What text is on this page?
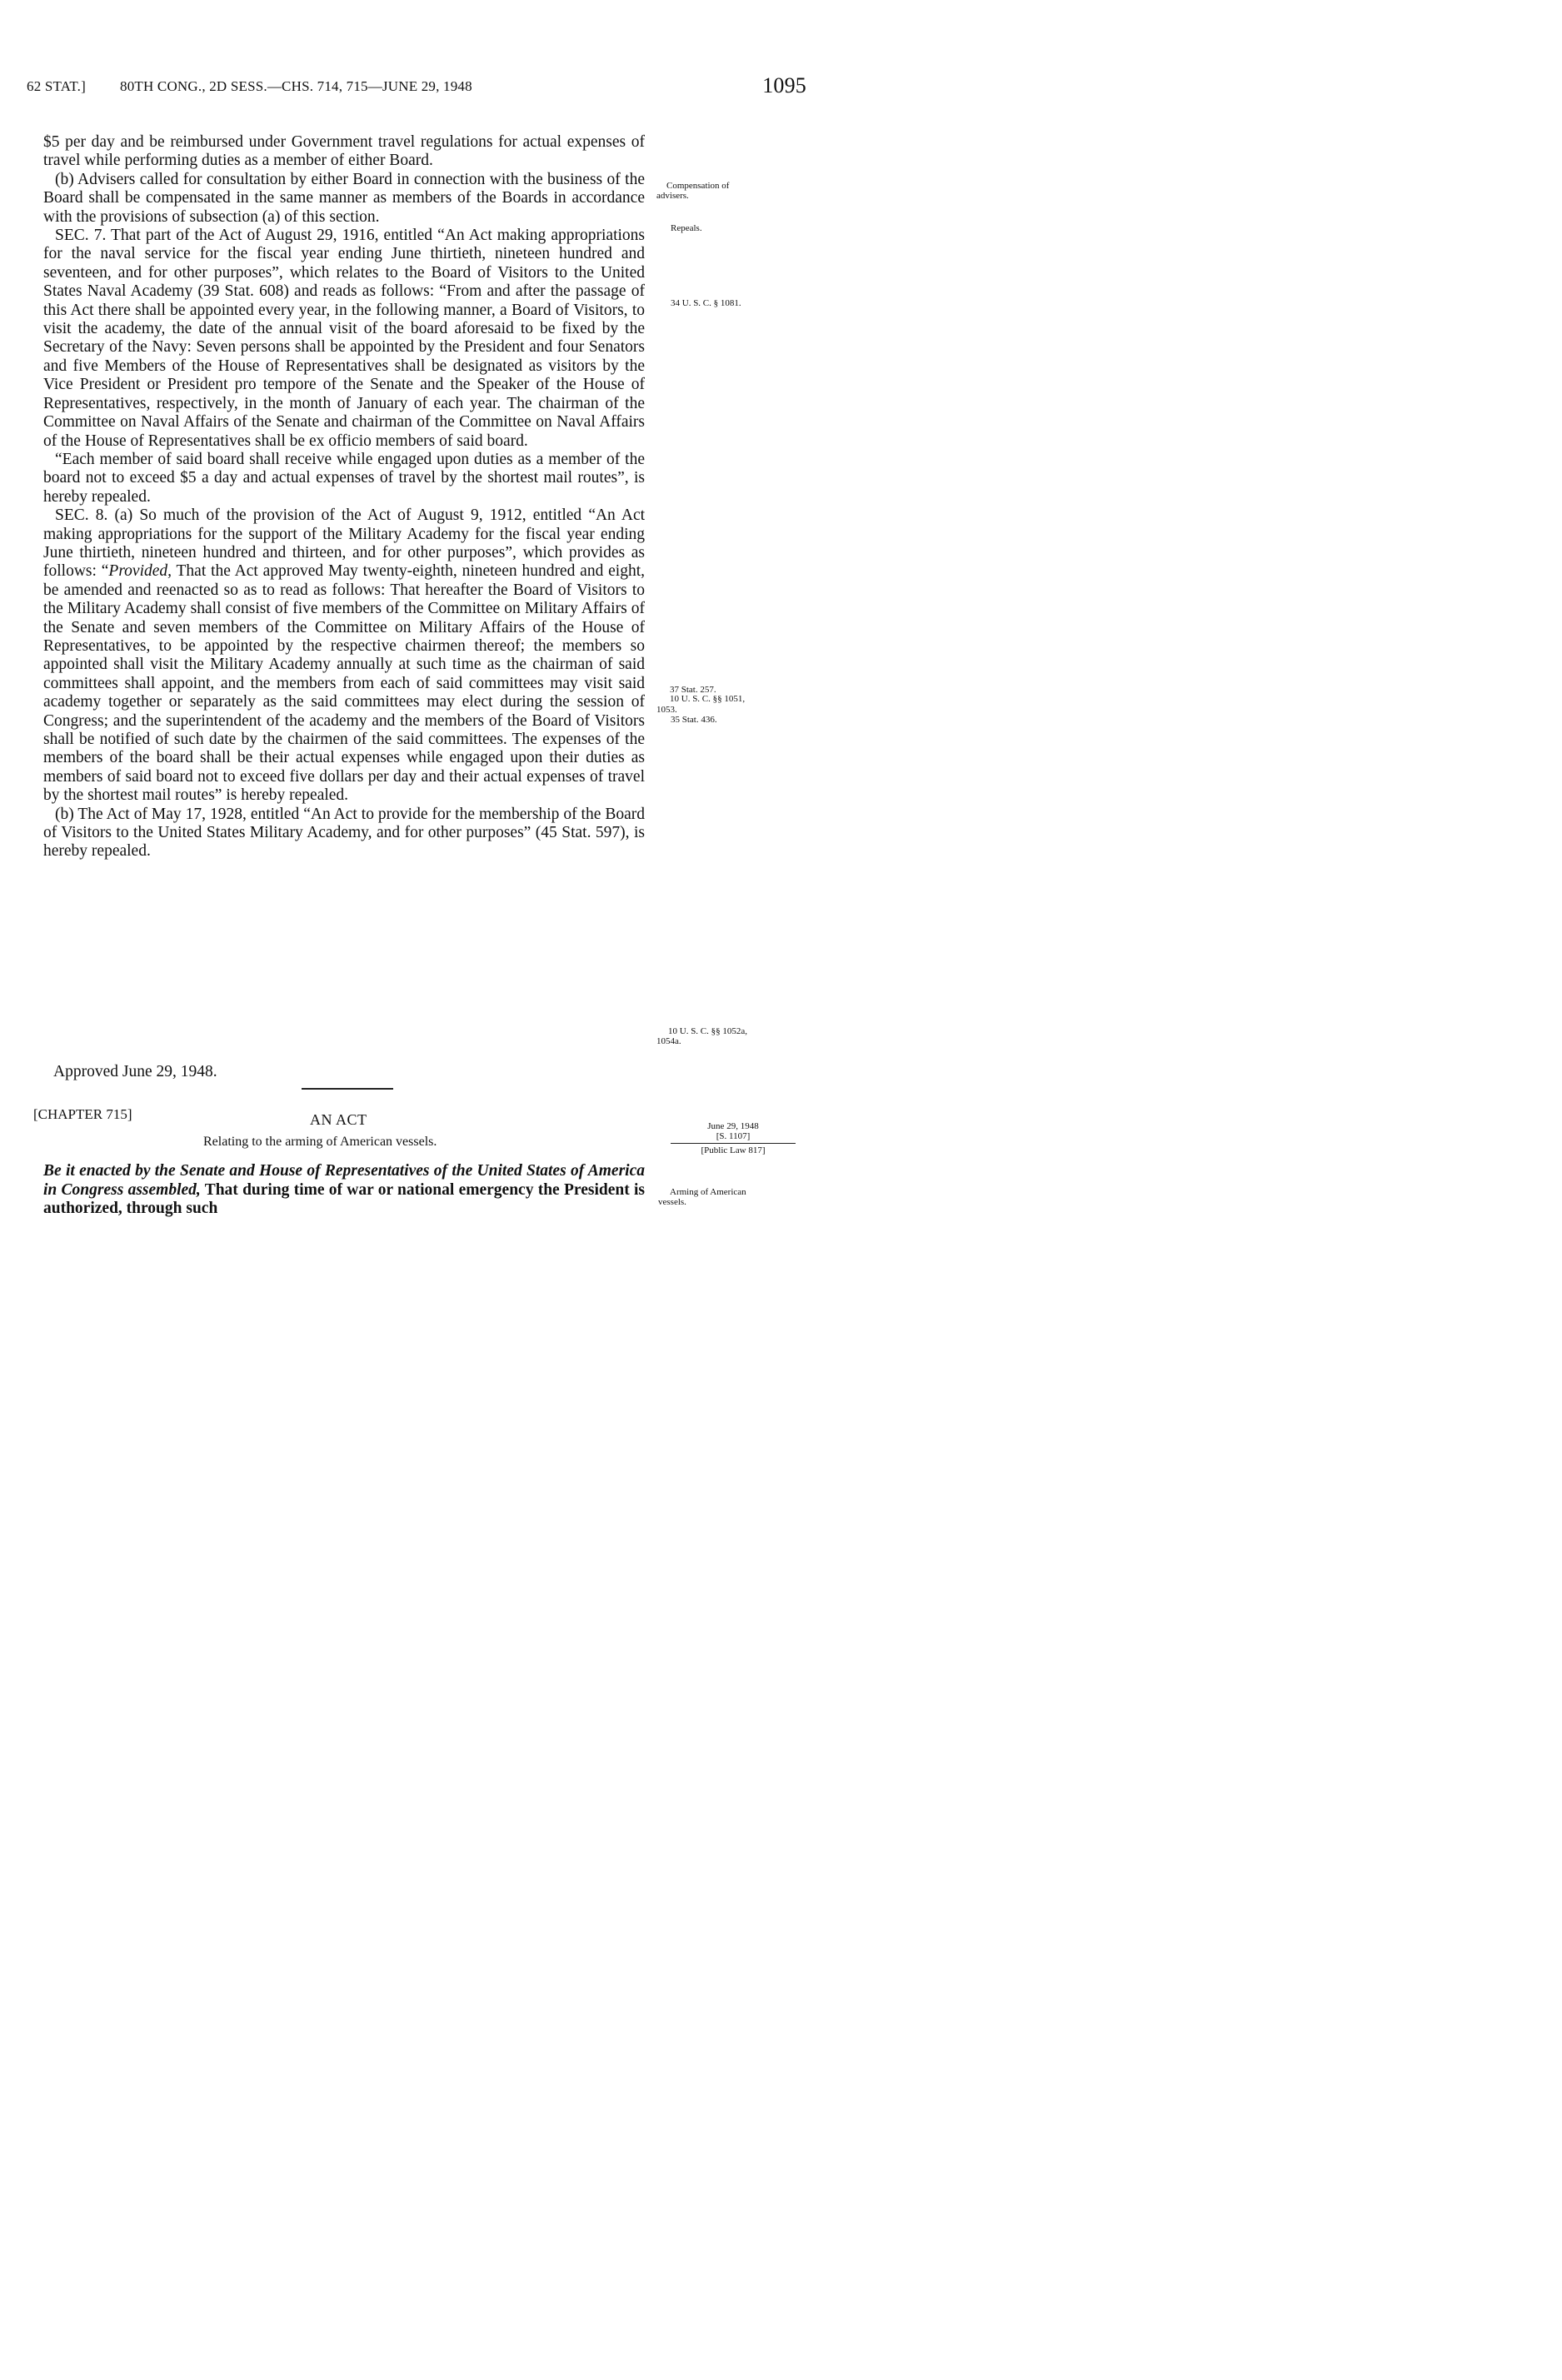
62 STAT.] 80TH CONG., 2D SESS.—CHS. 714, 715—JUNE 29, 1948	1095

$5 per day and be reimbursed under Government travel regulations for actual expenses of travel while performing duties as a member of either Board.

(b) Advisers called for consultation by either Board in connection with the business of the Board shall be compensated in the same manner as members of the Boards in accordance with the provisions of subsection (a) of this section.

SEC. 7. That part of the Act of August 29, 1916, entitled “An Act making appropriations for the naval service for the fiscal year ending June thirtieth, nineteen hundred and seventeen, and for other purposes”, which relates to the Board of Visitors to the United States Naval Academy (39 Stat. 608) and reads as follows: “From and after the passage of this Act there shall be appointed every year, in the following manner, a Board of Visitors, to visit the academy, the date of the annual visit of the board aforesaid to be fixed by the Secretary of the Navy: Seven persons shall be appointed by the President and four Senators and five Members of the House of Representatives shall be designated as visitors by the Vice President or President pro tempore of the Senate and the Speaker of the House of Representatives, respectively, in the month of January of each year. The chairman of the Committee on Naval Affairs of the Senate and chairman of the Committee on Naval Affairs of the House of Representatives shall be ex officio members of said board.

“Each member of said board shall receive while engaged upon duties as a member of the board not to exceed $5 a day and actual expenses of travel by the shortest mail routes”, is hereby repealed.

SEC. 8. (a) So much of the provision of the Act of August 9, 1912, entitled “An Act making appropriations for the support of the Military Academy for the fiscal year ending June thirtieth, nineteen hundred and thirteen, and for other purposes”, which provides as follows: “Provided, That the Act approved May twenty-eighth, nineteen hundred and eight, be amended and reenacted so as to read as follows: That hereafter the Board of Visitors to the Military Academy shall consist of five members of the Committee on Military Affairs of the Senate and seven members of the Committee on Military Affairs of the House of Representatives, to be appointed by the respective chairmen thereof; the members so appointed shall visit the Military Academy annually at such time as the chairman of said committees shall appoint, and the members from each of said committees may visit said academy together or separately as the said committees may elect during the session of Congress; and the superintendent of the academy and the members of the Board of Visitors shall be notified of such date by the chairmen of the said committees. The expenses of the members of the board shall be their actual expenses while engaged upon their duties as members of said board not to exceed five dollars per day and their actual expenses of travel by the shortest mail routes” is hereby repealed.

(b) The Act of May 17, 1928, entitled “An Act to provide for the membership of the Board of Visitors to the United States Military Academy, and for other purposes” (45 Stat. 597), is hereby repealed.

Approved June 29, 1948.
[CHAPTER 715]	AN ACT
Relating to the arming of American vessels.
Be it enacted by the Senate and House of Representatives of the United States of America in Congress assembled, That during time of war or national emergency the President is authorized, through such
Compensation of
advisers.
Repeals.
34 U. S. C. § 1081.
37 Stat. 257.
10 U. S. C. §§ 1051,
1053.
35 Stat. 436.
10 U. S. C. §§ 1052a,
1054a.
June 29, 1948
[S. 1107]
[Public Law 817]
Arming of American
vessels.
